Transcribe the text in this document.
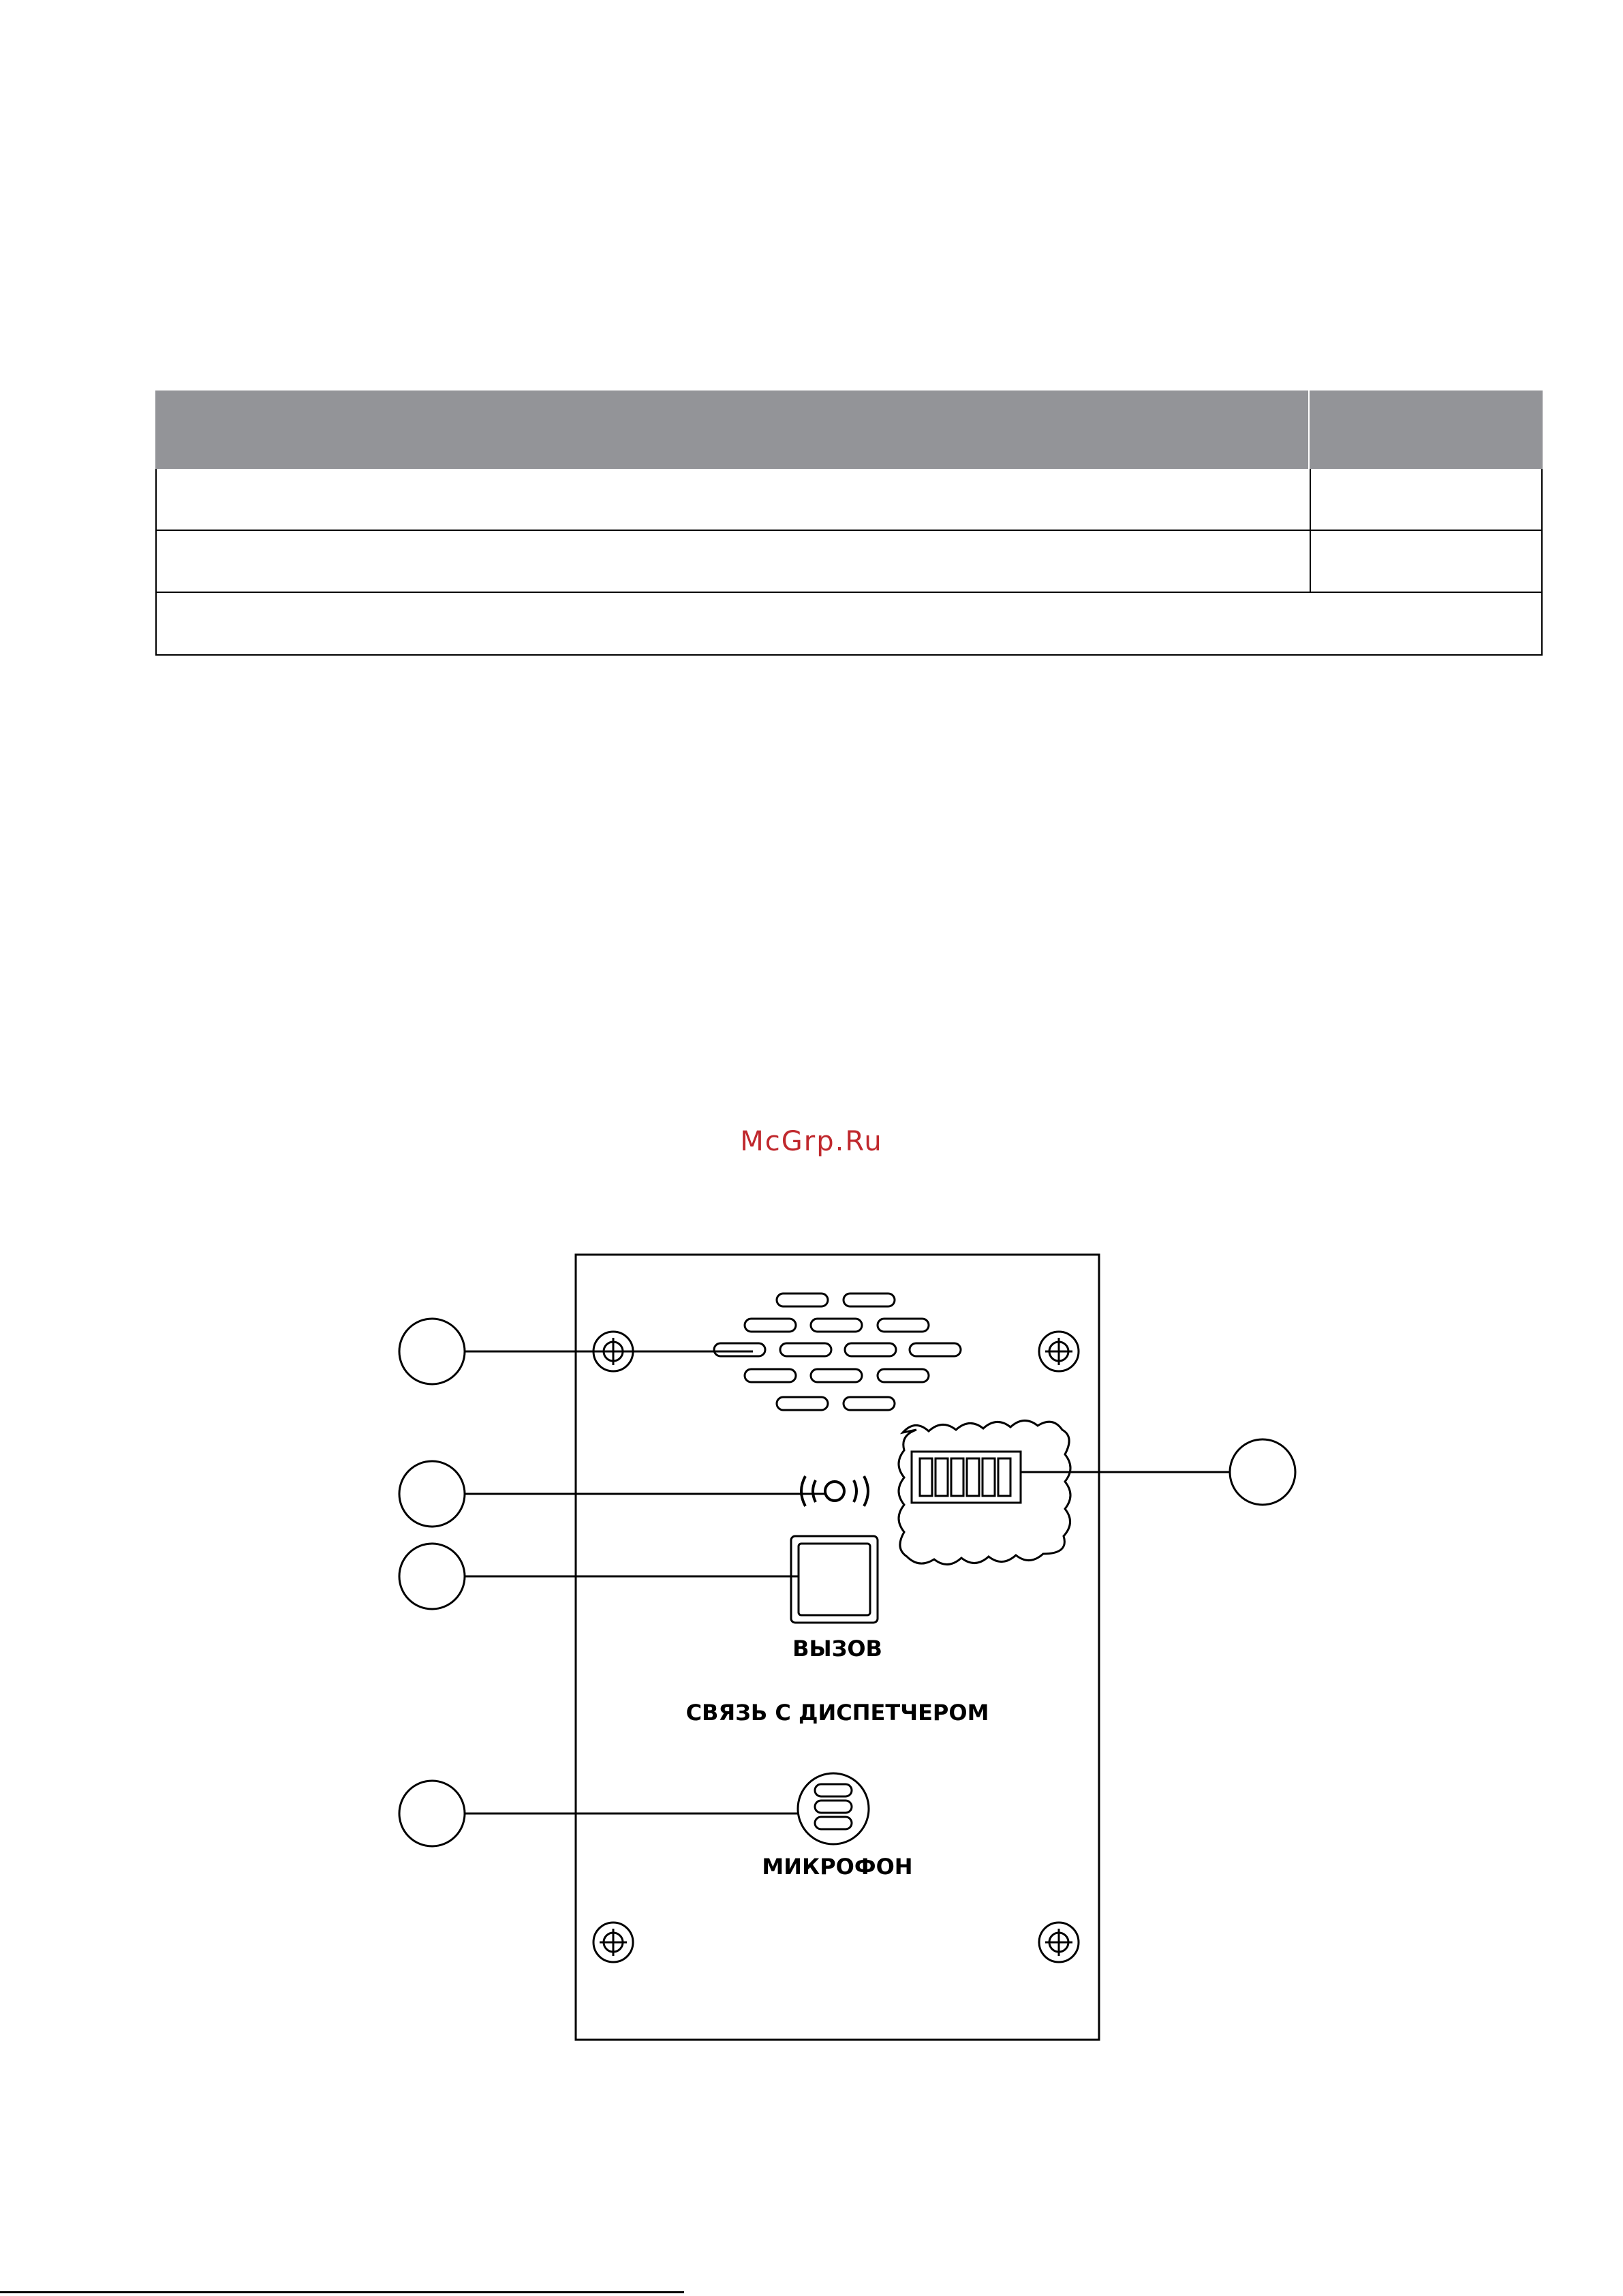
McGrp.Ru
ВЫЗОВ
СВЯЗЬ С ДИСПЕТЧЕРОМ
МИКРОФОН
